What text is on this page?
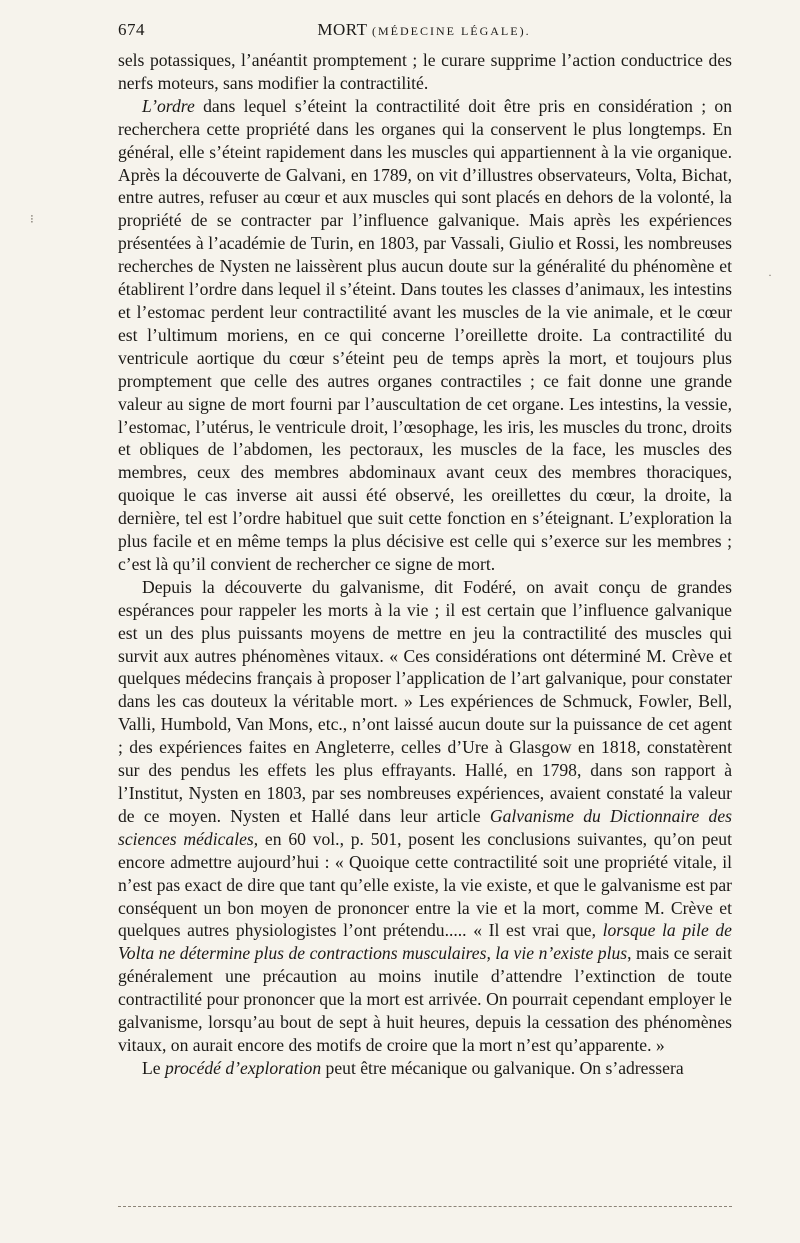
674	MORT (MÉDECINE LÉGALE).

sels potassiques, l’anéantit promptement ; le curare supprime l’action conductrice des nerfs moteurs, sans modifier la contractilité.

L’ordre dans lequel s’éteint la contractilité doit être pris en considération ; on recherchera cette propriété dans les organes qui la conservent le plus longtemps. En général, elle s’éteint rapidement dans les muscles qui appartiennent à la vie organique. Après la découverte de Galvani, en 1789, on vit d’illustres observateurs, Volta, Bichat, entre autres, refuser au cœur et aux muscles qui sont placés en dehors de la volonté, la propriété de se contracter par l’influence galvanique. Mais après les expériences présentées à l’académie de Turin, en 1803, par Vassali, Giulio et Rossi, les nombreuses recherches de Nysten ne laissèrent plus aucun doute sur la généralité du phénomène et établirent l’ordre dans lequel il s’éteint. Dans toutes les classes d’animaux, les intestins et l’estomac perdent leur contractilité avant les muscles de la vie animale, et le cœur est l’ultimum moriens, en ce qui concerne l’oreillette droite. La contractilité du ventricule aortique du cœur s’éteint peu de temps après la mort, et toujours plus promptement que celle des autres organes contractiles ; ce fait donne une grande valeur au signe de mort fourni par l’auscultation de cet organe. Les intestins, la vessie, l’estomac, l’utérus, le ventricule droit, l’œsophage, les iris, les muscles du tronc, droits et obliques de l’abdomen, les pectoraux, les muscles de la face, les muscles des membres, ceux des membres abdominaux avant ceux des membres thoraciques, quoique le cas inverse ait aussi été observé, les oreillettes du cœur, la droite, la dernière, tel est l’ordre habituel que suit cette fonction en s’éteignant. L’exploration la plus facile et en même temps la plus décisive est celle qui s’exerce sur les membres ; c’est là qu’il convient de rechercher ce signe de mort.

Depuis la découverte du galvanisme, dit Fodéré, on avait conçu de grandes espérances pour rappeler les morts à la vie ; il est certain que l’influence galvanique est un des plus puissants moyens de mettre en jeu la contractilité des muscles qui survit aux autres phénomènes vitaux. « Ces considérations ont déterminé M. Crève et quelques médecins français à proposer l’application de l’art galvanique, pour constater dans les cas douteux la véritable mort. » Les expériences de Schmuck, Fowler, Bell, Valli, Humbold, Van Mons, etc., n’ont laissé aucun doute sur la puissance de cet agent ; des expériences faites en Angleterre, celles d’Ure à Glasgow en 1818, constatèrent sur des pendus les effets les plus effrayants. Hallé, en 1798, dans son rapport à l’Institut, Nysten en 1803, par ses nombreuses expériences, avaient constaté la valeur de ce moyen. Nysten et Hallé dans leur article Galvanisme du Dictionnaire des sciences médicales, en 60 vol., p. 501, posent les conclusions suivantes, qu’on peut encore admettre aujourd’hui : « Quoique cette contractilité soit une propriété vitale, il n’est pas exact de dire que tant qu’elle existe, la vie existe, et que le galvanisme est par conséquent un bon moyen de prononcer entre la vie et la mort, comme M. Crève et quelques autres physiologistes l’ont prétendu..... « Il est vrai que, lorsque la pile de Volta ne détermine plus de contractions musculaires, la vie n’existe plus, mais ce serait généralement une précaution au moins inutile d’attendre l’extinction de toute contractilité pour prononcer que la mort est arrivée. On pourrait cependant employer le galvanisme, lorsqu’au bout de sept à huit heures, depuis la cessation des phénomènes vitaux, on aurait encore des motifs de croire que la mort n’est qu’apparente. »

Le procédé d’exploration peut être mécanique ou galvanique. On s’adressera

·
⁝
